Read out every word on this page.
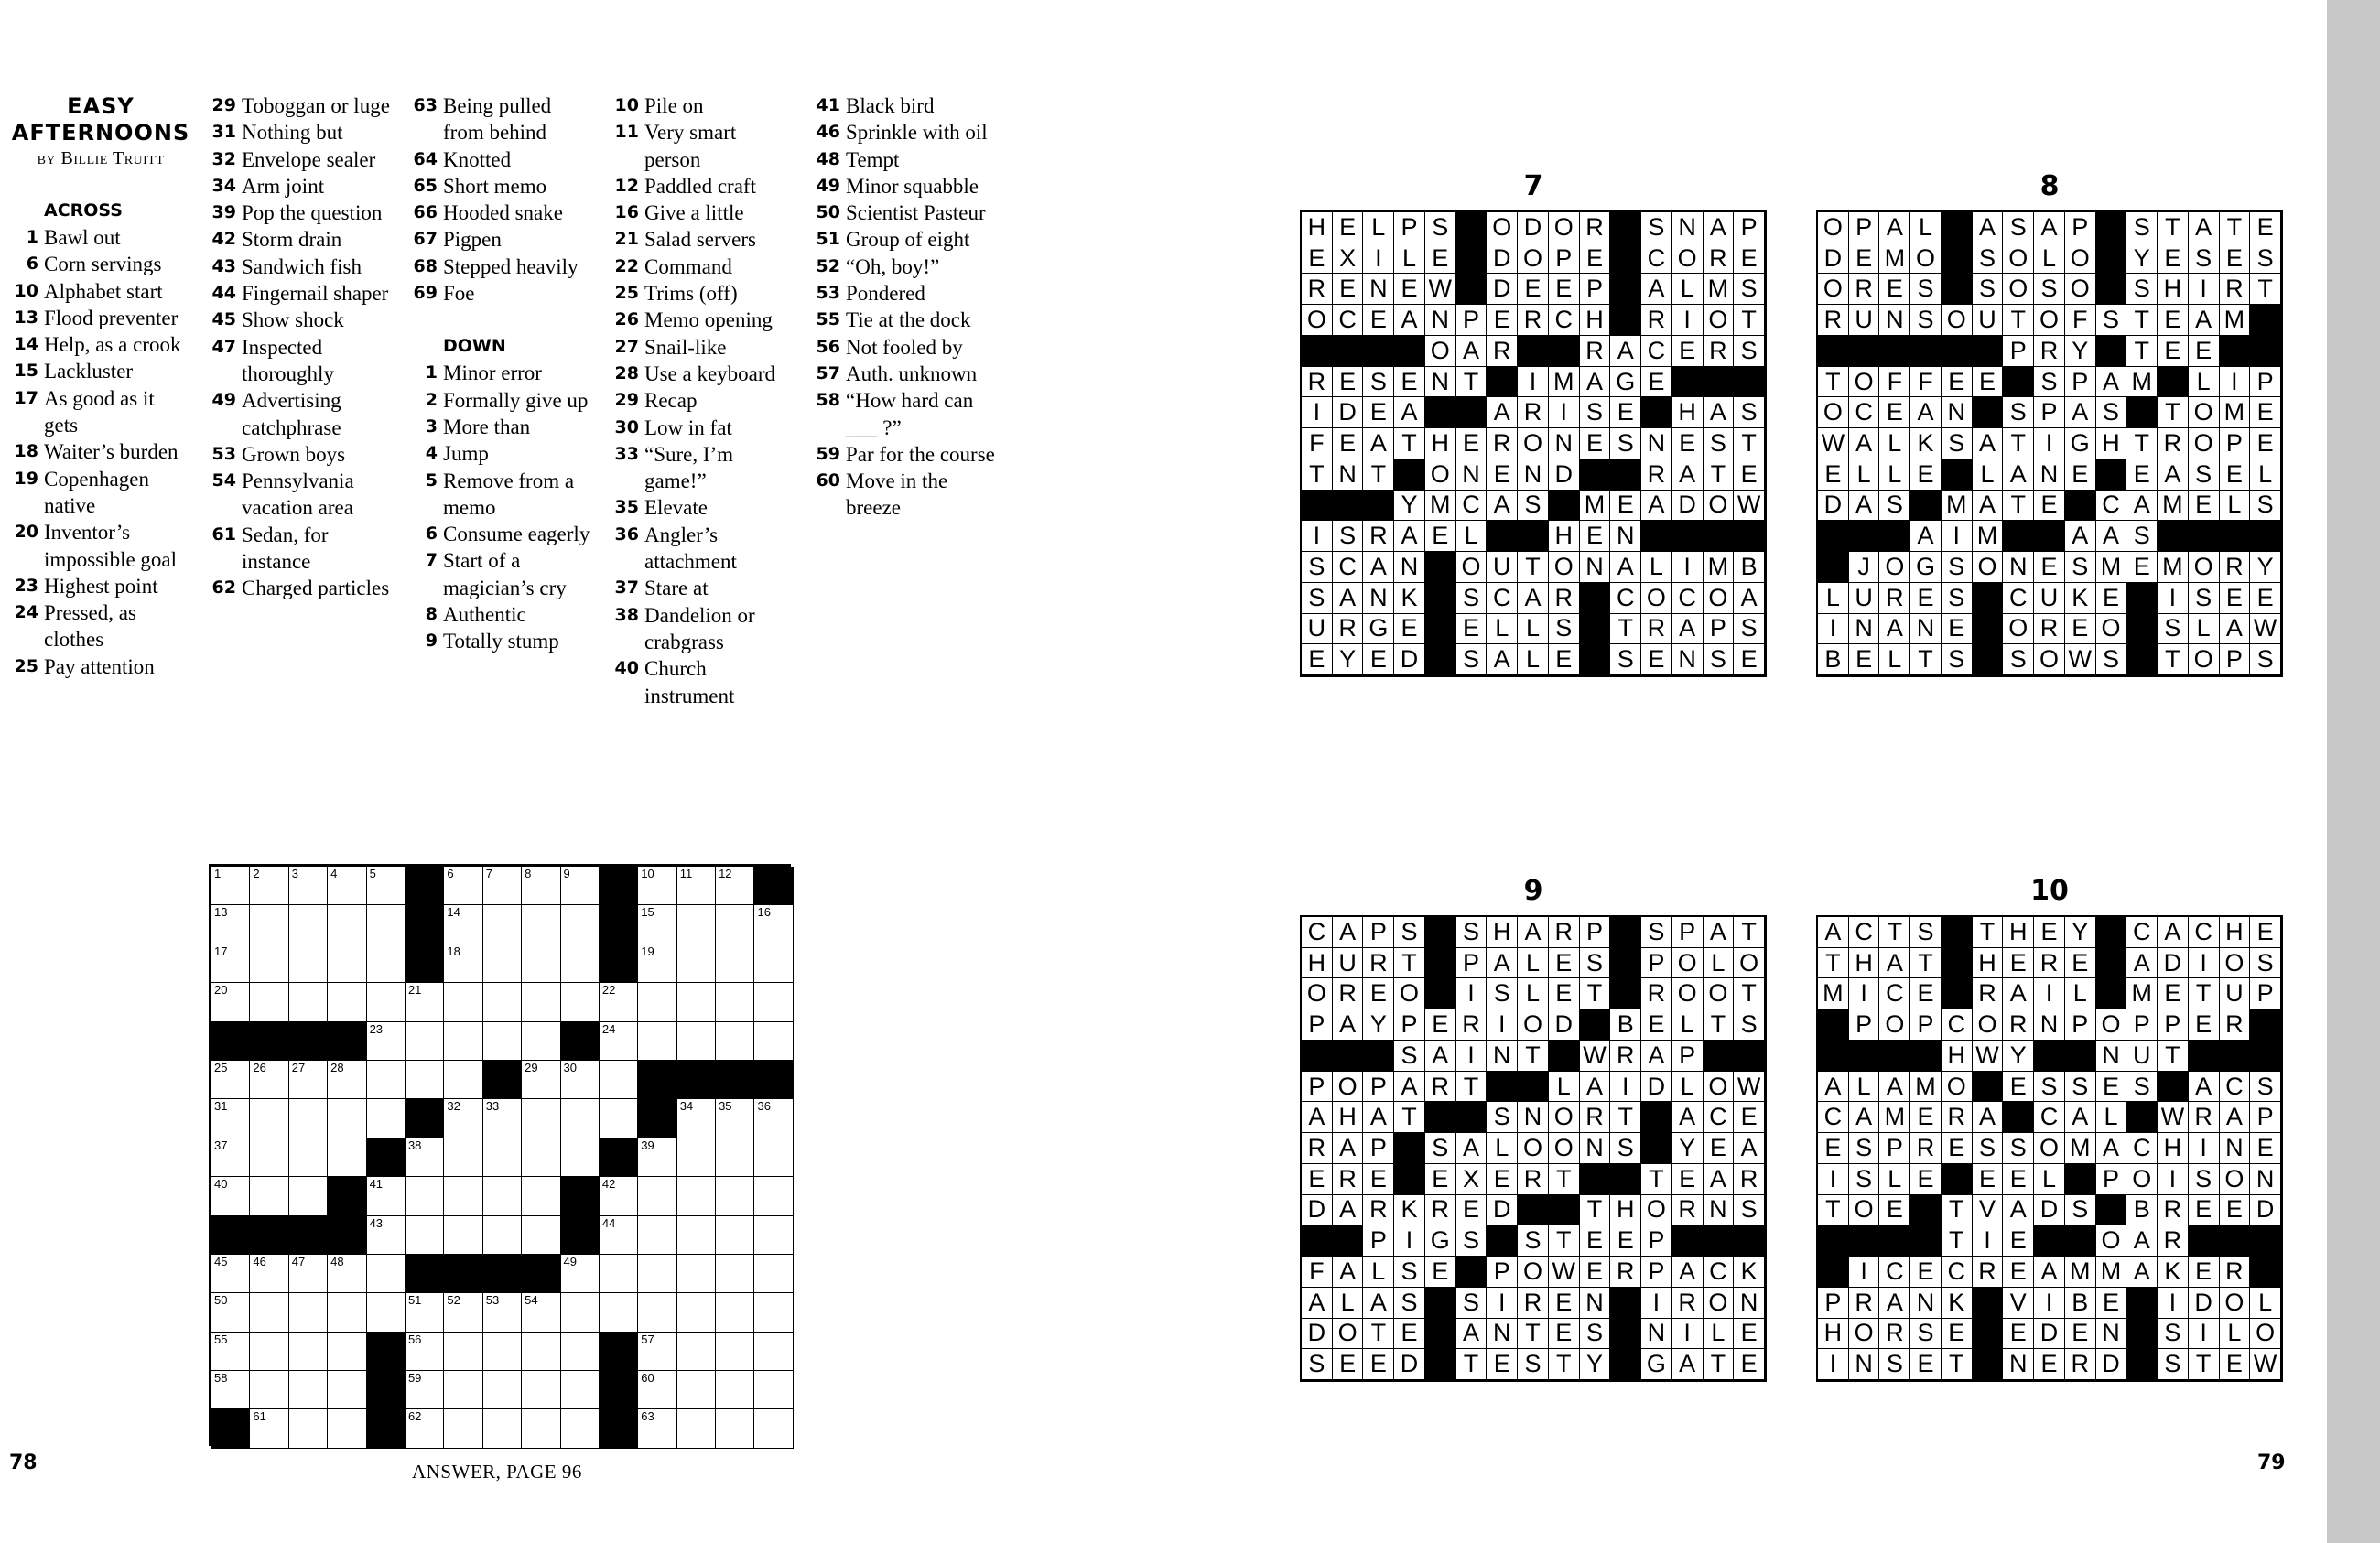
EASY
AFTERNOONS
by Billie Truitt
ACROSS
1 Bawl out
6 Corn servings
10 Alphabet start
13 Flood preventer
14 Help, as a crook
15 Lackluster
17 As good as it gets
18 Waiter’s burden
19 Copenhagen native
20 Inventor’s impossible goal
23 Highest point
24 Pressed, as clothes
25 Pay attention
29 Toboggan or luge
31 Nothing but
32 Envelope sealer
34 Arm joint
39 Pop the question
42 Storm drain
43 Sandwich fish
44 Fingernail shaper
45 Show shock
47 Inspected thoroughly
49 Advertising catchphrase
53 Grown boys
54 Pennsylvania vacation area
61 Sedan, for instance
62 Charged particles
63 Being pulled from behind
64 Knotted
65 Short memo
66 Hooded snake
67 Pigpen
68 Stepped heavily
69 Foe
DOWN
1 Minor error
2 Formally give up
3 More than
4 Jump
5 Remove from a memo
6 Consume eagerly
7 Start of a magician’s cry
8 Authentic
9 Totally stump
10 Pile on
11 Very smart person
12 Paddled craft
16 Give a little
21 Salad servers
22 Command
25 Trims (off)
26 Memo opening
27 Snail-like
28 Use a keyboard
29 Recap
30 Low in fat
33 “Sure, I’m game!”
35 Elevate
36 Angler’s attachment
37 Stare at
38 Dandelion or crabgrass
40 Church instrument
41 Black bird
46 Sprinkle with oil
48 Tempt
49 Minor squabble
50 Scientist Pasteur
51 Group of eight
52 “Oh, boy!”
53 Pondered
55 Tie at the dock
56 Not fooled by
57 Auth. unknown
58 “How hard can ___ ?”
59 Par for the course
60 Move in the breeze
1	2	3	4	5	6	7	8	9	10 11 12
13	14	15	16
17	18	19
20	21	22
23	24
25 26 27 28	29 30
31	32 33	34 35 36
37	38	39
40	41	42
43	44
45 46 47 48	49
50	51 52 53 54
55	56	57
58	59	60
61	62	63
78	ANSWER, PAGE 96	79
7
H E L P S	O D O R S N A P
E X I L E	D O P E	C O R E
R E N E W D E E P	A L M S
O C E A N P E R C H R I O T
O A R	R A C E R S
R E S E N T	I M A G E
I D E A	A R I S E	H A S
F E A T H E R O N E S N E S T
T N T	O N E N D	R A T E
Y M C A S	M E A D O W
I S R A E L	H E N
S C A N O U T O N A L I M B
S A N K	S C A R C O C O A
U R G E	E L L S	T R A P S
E Y E D S A L E	S E N S E
8
O P A L	A S A P	S T A T E
D E M O S O L O Y E S E S
O R E S	S O S O S H I R T
R U N S O U T O F S T E A M
P R Y	T E E
T O F F E E	S P A M	L I P
O C E A N S P A S	T O M E
W A L K S A T I G H T R O P E
E L L E	L A N E	E A S E L
D A S	M A T E	C A M E L S
A I M	A A S
J O G S O N E S M E M O R Y
L U R E S	C U K E	I S E E
I N A N E	O R E O S L A W
B E L T S	S O W S	T O P S
9
C A P S	S H A R P	S P A T
H U R T	P A L E S	P O L O
O R E O	I S L E T	R O O T
P A Y P E R I O D B E L T S
S A I N T	W R A P
P O P A R T	L A I D L O W
A H A T	S N O R T	A C E
R A P	S A L O O N S	Y E A
E R E	E X E R T	T E A R
D A R K R E D	T H O R N S
P I G S	S T E E P
F A L S E	P O W E R P A C K
A L A S	S I R E N	I R O N
D O T E	A N T E S	N I L E
S E E D	T E S T Y	G A T E
10
A C T S	T H E Y	C A C H E
T H A T	H E R E	A D I O S
M I C E	R A I L	M E T U P
P O P C O R N P O P P E R
H W Y	N U T
A L A M O E S S E S	A C S
C A M E R A	C A L	W R A P
E S P R E S S O M A C H I N E
I S L E	E E L	P O I S O N
T O E	T V A D S	B R E E D
T I E	O A R
I C E C R E A M M A K E R
P R A N K	V I B E	I D O L
H O R S E	E D E N S I L O
I N S E T	N E R D S T E W
